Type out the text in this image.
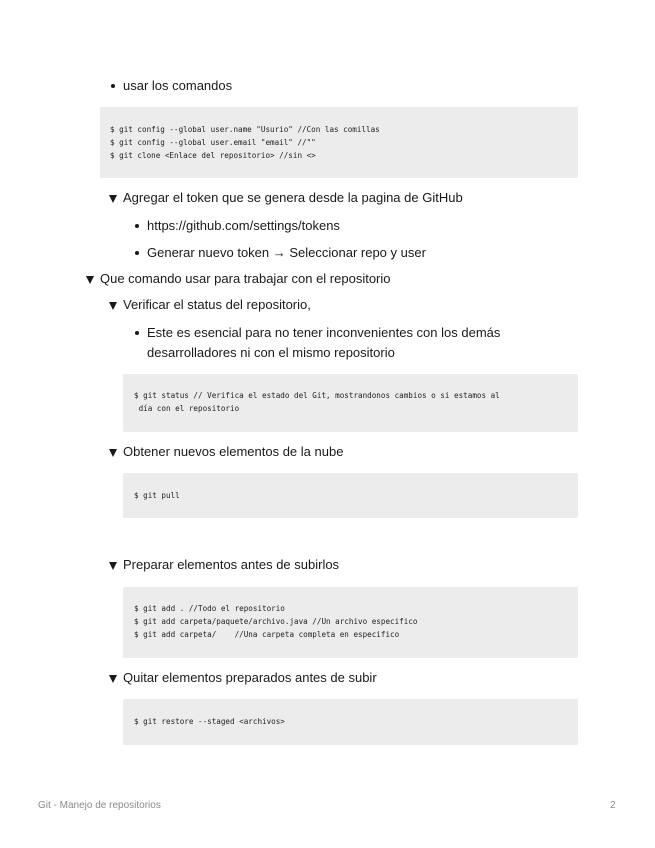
usar los comandos
$ git config --global user.name "Usurio" //Con las comillas
$ git config --global user.email "email" //""
$ git clone <Enlace del repositorio> //sin <>
Agregar el token que se genera desde la pagina de GitHub
https://github.com/settings/tokens
Generar nuevo token → Seleccionar repo y user
Que comando usar para trabajar con el repositorio
Verificar el status del repositorio,
Este es esencial para no tener inconvenientes con los demás
desarrolladores ni con el mismo repositorio
$ git status // Verifica el estado del Git, mostrandonos cambios o si estamos al
día con el repositorio
Obtener nuevos elementos de la nube
$ git pull
Preparar elementos antes de subirlos
$ git add . //Todo el repositorio
$ git add carpeta/paquete/archivo.java //Un archivo especifico
$ git add carpeta/    //Una carpeta completa en especifico
Quitar elementos preparados antes de subir
$ git restore --staged <archivos>
Git - Manejo de repositorios	2
